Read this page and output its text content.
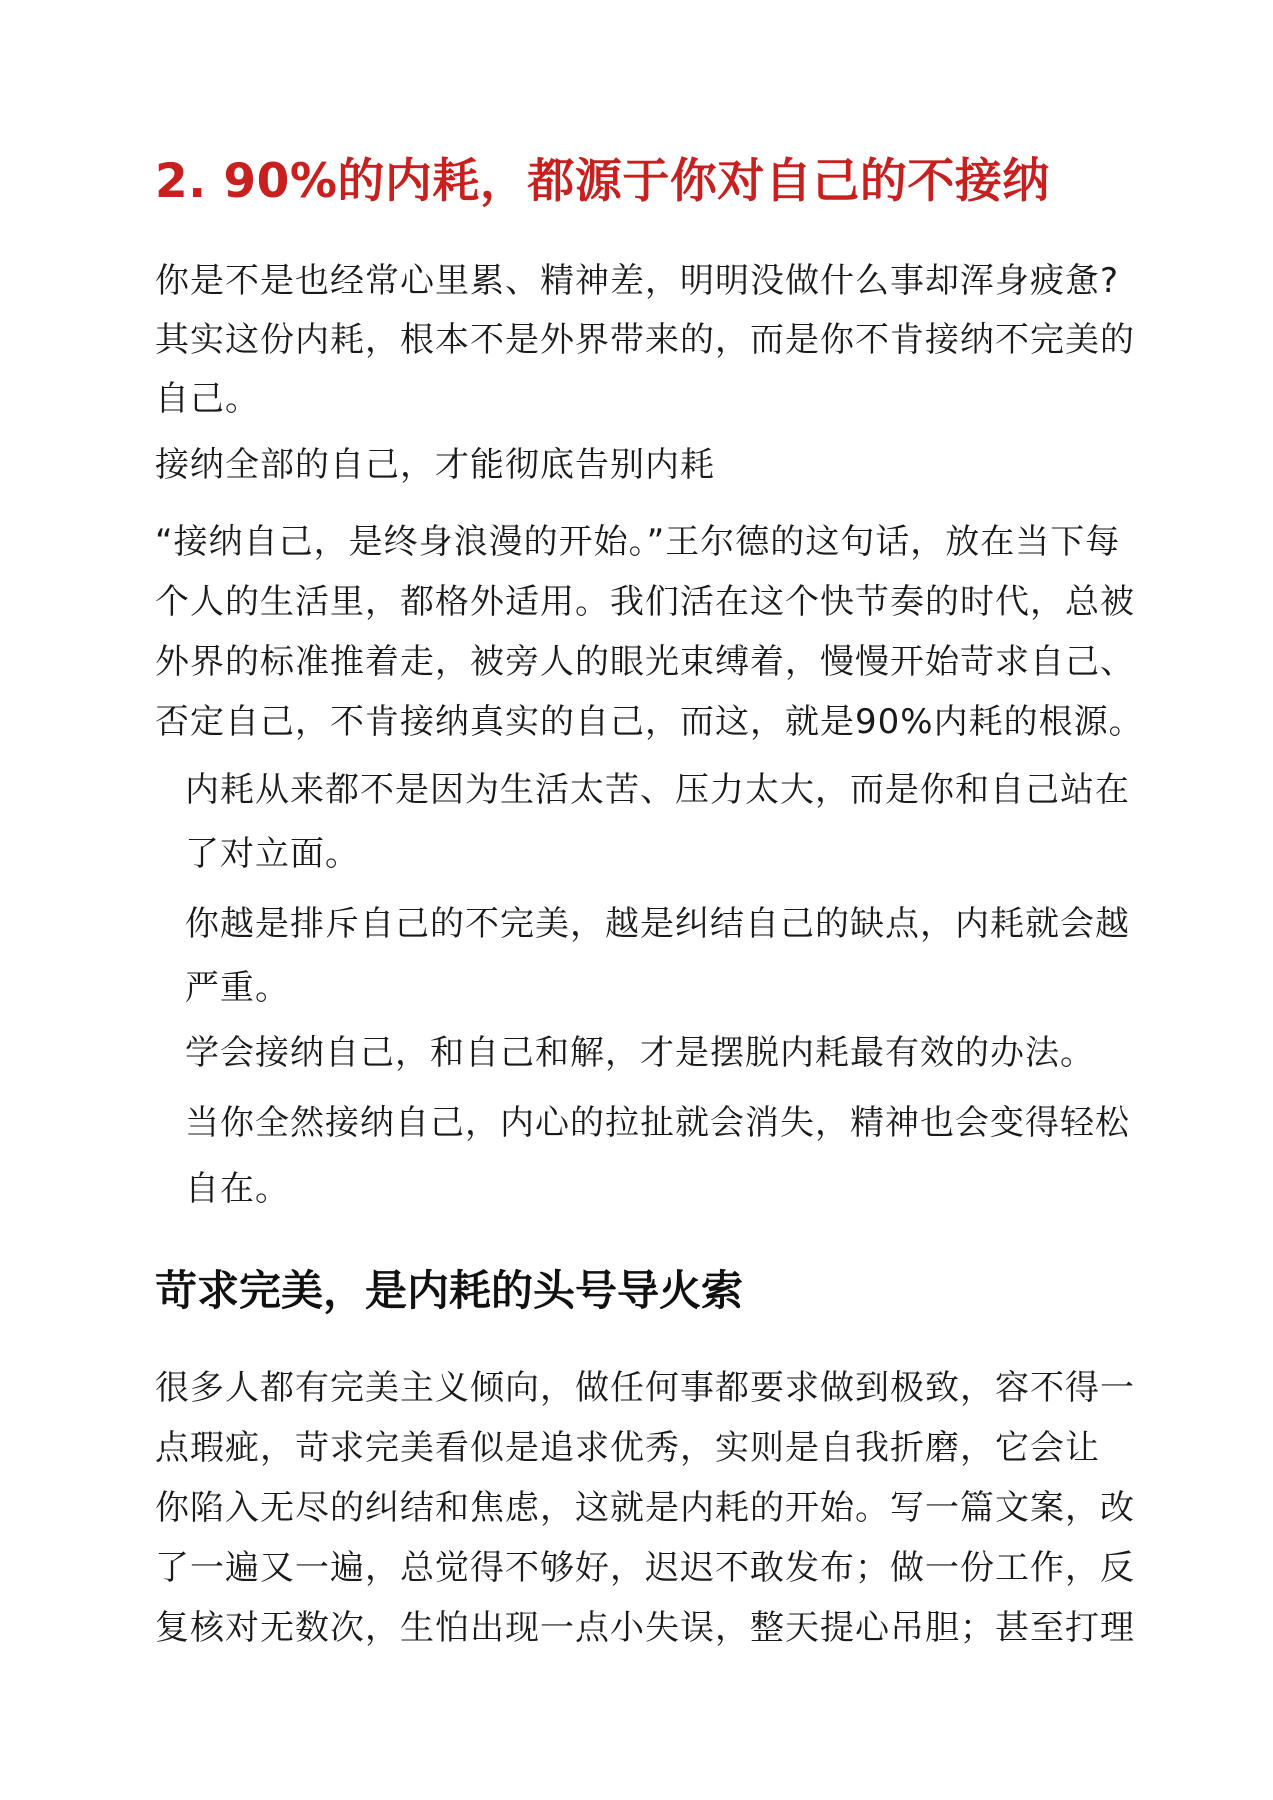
2. 90%的内耗，都源于你对自己的不接纳

你是不是也经常心里累、精神差，明明没做什么事却浑身疲惫?
其实这份内耗，根本不是外界带来的，而是你不肯接纳不完美的
自己。

接纳全部的自己，才能彻底告别内耗

“接纳自己，是终身浪漫的开始。”王尔德的这句话，放在当下每
个人的生活里，都格外适用。我们活在这个快节奏的时代，总被
外界的标准推着走，被旁人的眼光束缚着，慢慢开始苛求自己、
否定自己，不肯接纳真实的自己，而这，就是90%内耗的根源。

内耗从来都不是因为生活太苦、压力太大，而是你和自己站在
了对立面。

你越是排斥自己的不完美，越是纠结自己的缺点，内耗就会越
严重。

学会接纳自己，和自己和解，才是摆脱内耗最有效的办法。

当你全然接纳自己，内心的拉扯就会消失，精神也会变得轻松
自在。

苛求完美，是内耗的头号导火索

很多人都有完美主义倾向，做任何事都要求做到极致，容不得一
点瑕疵，苛求完美看似是追求优秀，实则是自我折磨，它会让
你陷入无尽的纠结和焦虑，这就是内耗的开始。写一篇文案，改
了一遍又一遍，总觉得不够好，迟迟不敢发布；做一份工作，反
复核对无数次，生怕出现一点小失误，整天提心吊胆；甚至打理
